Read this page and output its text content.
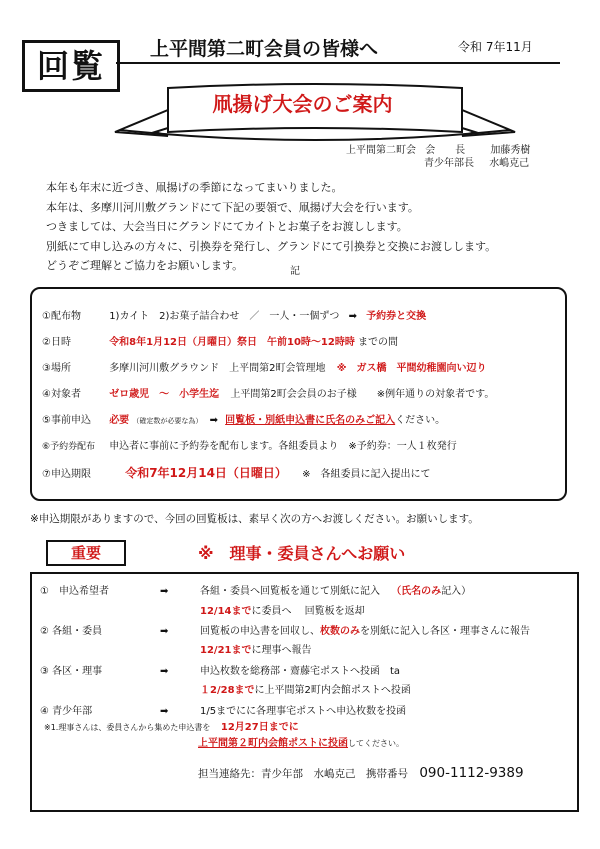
回覧	上平間第二町会員の皆様へ	令和 7年11月
凧揚げ大会のご案内
上平間第二町会 会　　長	加藤秀樹
青少年部長 水嶋克己
本年も年末に近づき、凧揚げの季節になってまいりました。
本年は、多摩川河川敷グランドにて下記の要領で、凧揚げ大会を行います。
つきましては、大会当日にグランドにてカイトとお菓子をお渡しします。
別紙にて申し込みの方々に、引換券を発行し、グランドにて引換券と交換にお渡しします。
どうぞご理解とご協力をお願いします。	記
①配布物	1)カイト　2)お菓子詰合わせ　／　一人・一個ずつ ➡ 予約券と交換
②日時	令和8年1月12日（月曜日）祭日　午前10時～12時時 までの間
③場所	多摩川河川敷グラウンド　上平間第2町会管理地 ※　ガス橋　平間幼稚園向い辺り
④対象者	ゼロ歳児　～　小学生迄 上平間第2町会会員のお子様　　※例年通りの対象者です。
⑤事前申込 必要 （確定数が必要な為） ➡ 回覧板・別紙申込書に氏名のみご記入ください。
⑥予約券配布 申込者に事前に予約券を配布します。各組委員より　※予約券：一人１枚発行
⑦申込期限	令和7年12月14日（日曜日） ※　各組委員に記入提出にて
※申込期限がありますので、今回の回覧板は、素早く次の方へお渡しください。お願いします。
重要	※　理事・委員さんへお願い
①　申込希望者	➡	各組・委員へ回覧板を通じて別紙に記入 （氏名のみ記入）
12/14までに委員へ　 回覧板を返却
② 各組・委員	➡	回覧板の申込書を回収し、枚数のみを別紙に記入し各区・理事さんに報告
12/21までに理事へ報告
③ 各区・理事	➡	申込枚数を総務部・齋藤宅ポストへ投函　ta
１2/28までに上平間第2町内会館ポストへ投函
④ 青少年部	➡	1/5までにに各理事宅ポストへ申込枚数を投函
※1.理事さんは、委員さんから集めた申込書を 12月27日までに
上平間第２町内会館ポストに投函してください。
担当連絡先：青少年部　水嶋克己　携帯番号 090-1112-9389
